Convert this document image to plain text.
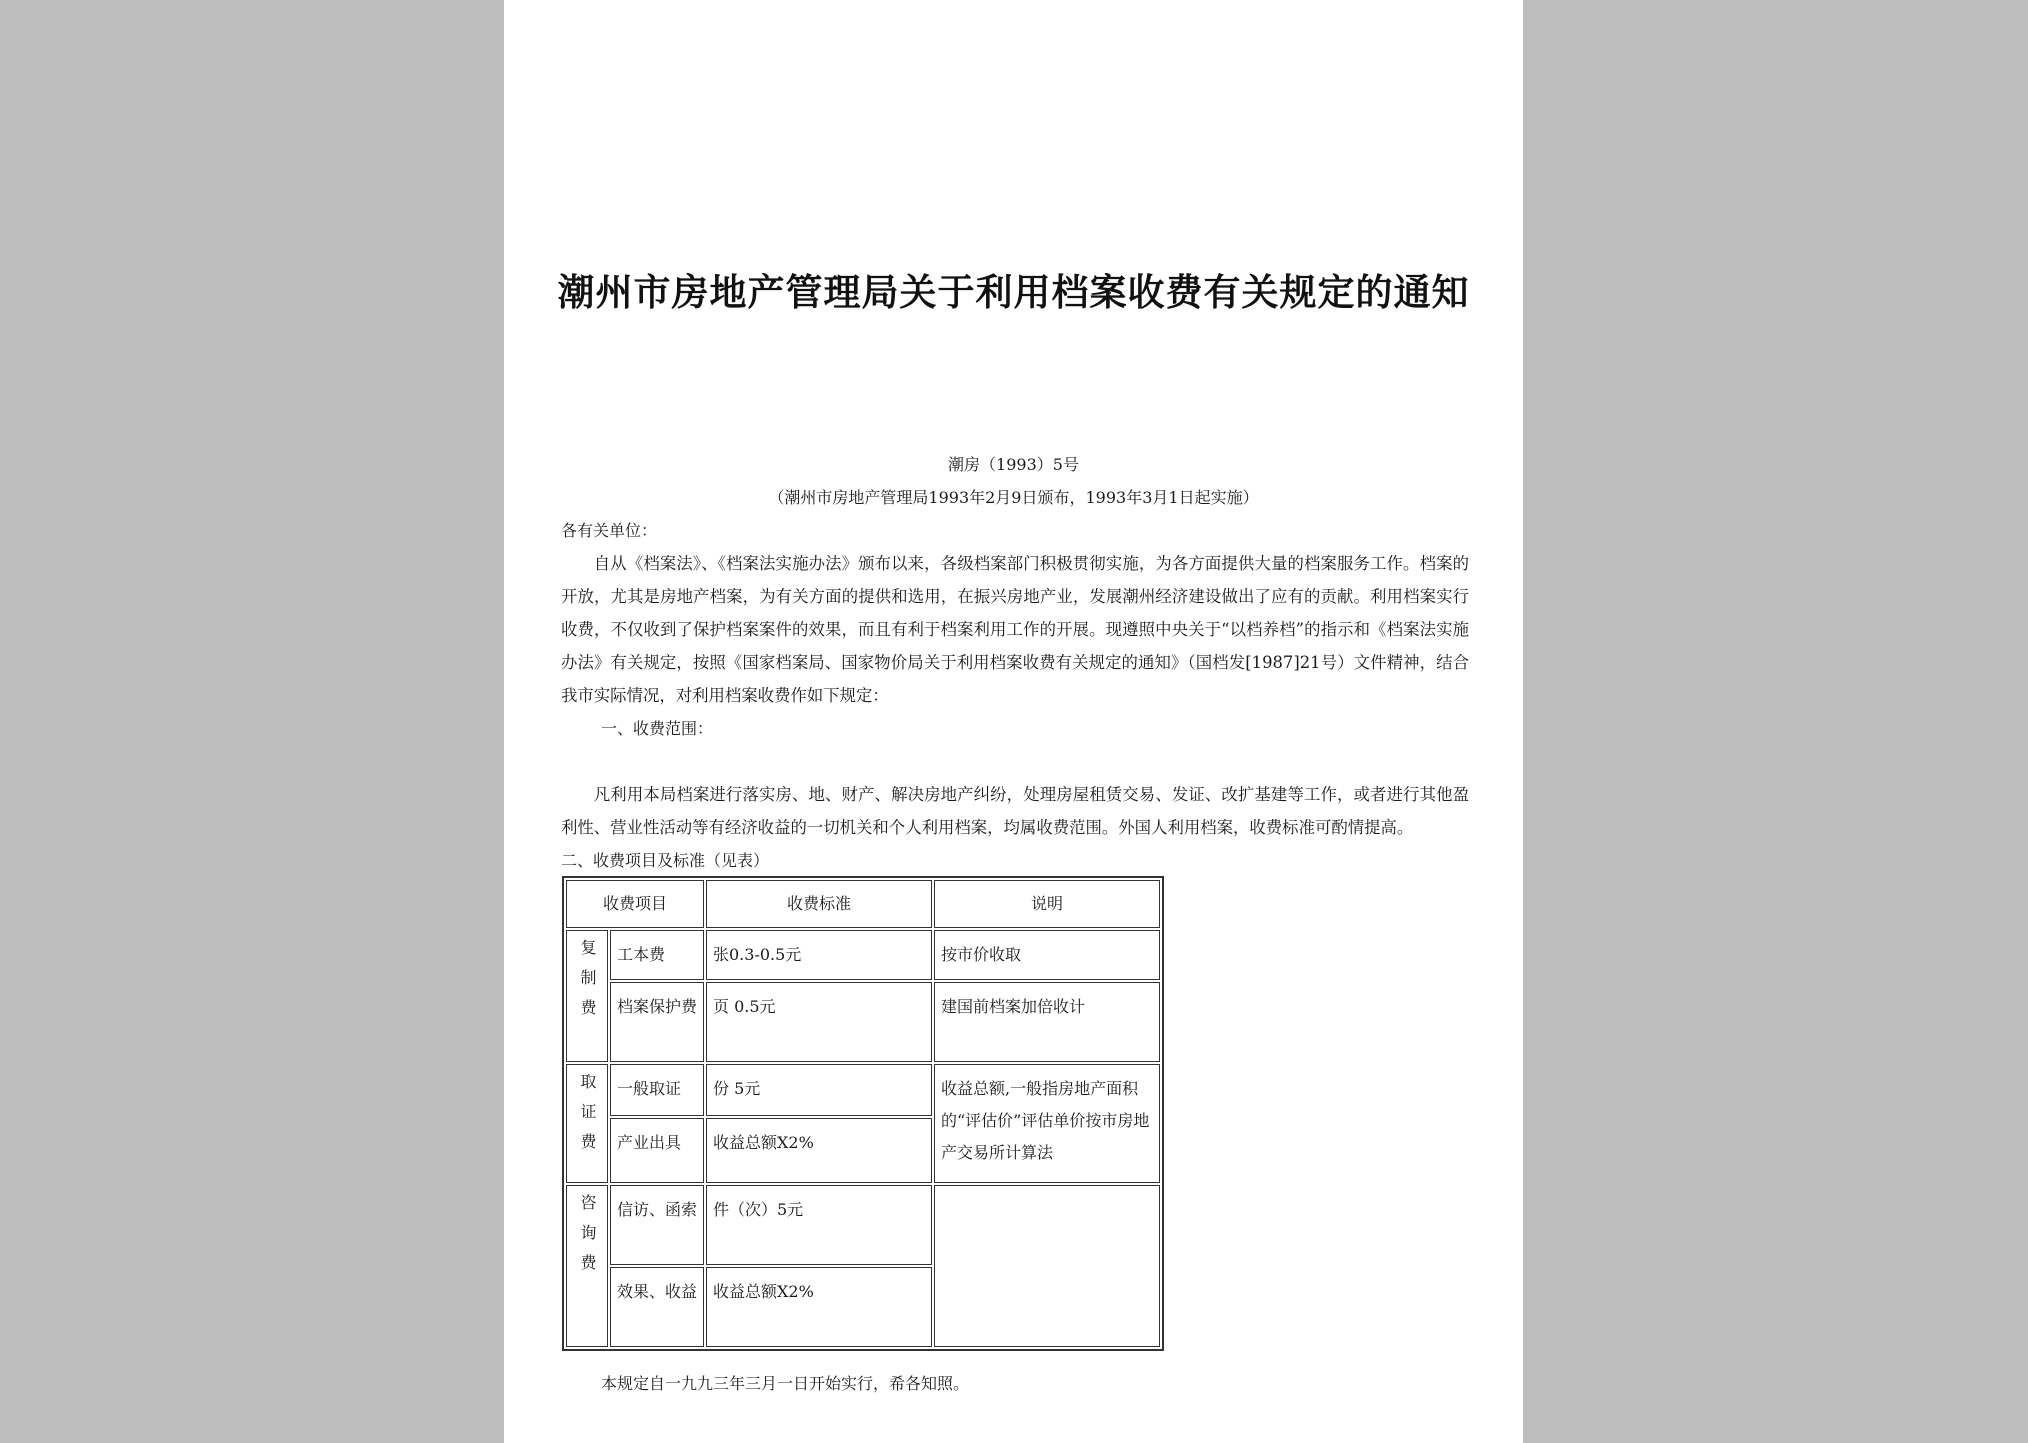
潮州市房地产管理局关于利用档案收费有关规定的通知
潮房（1993）5号
（潮州市房地产管理局1993年2月9日颁布，1993年3月1日起实施）
各有关单位：

自从《档案法》、《档案法实施办法》颁布以来，各级档案部门积极贯彻实施，为各方面提供大量的档案服务工作。档案的开放，尤其是房地产档案，为有关方面的提供和选用，在振兴房地产业，发展潮州经济建设做出了应有的贡献。利用档案实行收费，不仅收到了保护档案案件的效果，而且有利于档案利用工作的开展。现遵照中央关于“以档养档”的指示和《档案法实施办法》有关规定，按照《国家档案局、国家物价局关于利用档案收费有关规定的通知》（国档发[1987]21号）文件精神，结合我市实际情况，对利用档案收费作如下规定：

一、收费范围：

凡利用本局档案进行落实房、地、财产、解决房地产纠纷，处理房屋租赁交易、发证、改扩基建等工作，或者进行其他盈利性、营业性活动等有经济收益的一切机关和个人利用档案，均属收费范围。外国人利用档案，收费标准可酌情提高。

二、收费项目及标准（见表）
收费项目		收费标准	说明
复制费	工本费	张0.3-0.5元	按市价收取
	档案保护费	页 0.5元	建国前档案加倍收计
取证费	一般取证	份 5元	收益总额,一般指房地产面积的“评估价”评估单价按市房地产交易所计算法
	产业出具	收益总额X2%	
咨询费	信访、函索	件（次）5元	
	效果、收益	收益总额X2%	
本规定自一九九三年三月一日开始实行，希各知照。
